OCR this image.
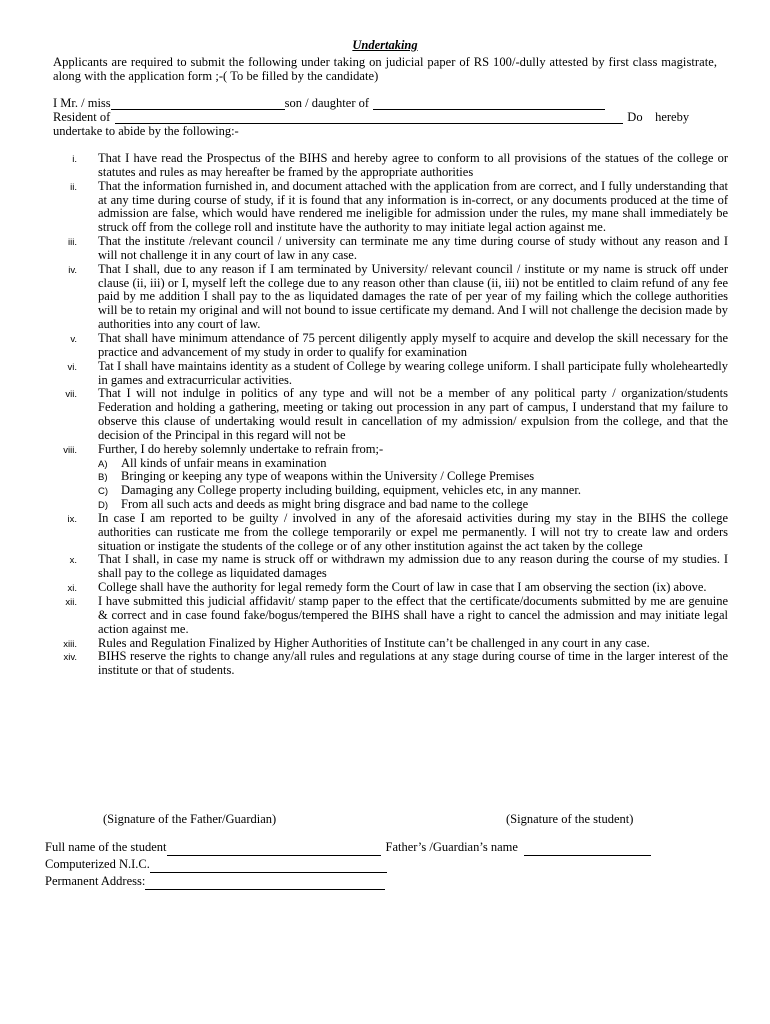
Undertaking
Applicants are required to submit the following under taking on judicial paper of RS 100/-dully attested by first class magistrate, along with the application form ;-( To be filled by the candidate)
I Mr. / miss	son / daughter of
Resident of	Do    hereby
undertake to abide by the following:-
i. That I have read the Prospectus of the BIHS and hereby agree to conform to all provisions of the statues of the college or statutes and rules as may hereafter be framed by the appropriate authorities
ii. That the information furnished in, and document attached with the application from are correct, and I fully understanding that at any time during course of study, if it is found that any information is in-correct, or any documents produced at the time of admission are false, which would have rendered me ineligible for admission under the rules, my mane shall immediately be struck off from the college roll and institute have the authority to may initiate legal action against me.
iii. That the institute /relevant council / university can terminate me any time during course of study without any reason and I will not challenge it in any court of law in any case.
iv. That I shall, due to any reason if I am terminated by University/ relevant council / institute or my name is struck off under clause (ii, iii) or I, myself left the college due to any reason other than clause (ii, iii) not be entitled to claim refund of any fee paid by me addition I shall pay to the as liquidated damages the rate of per year of my failing which the college authorities will be to retain my original and will not bound to issue certificate my demand. And I will not challenge the decision made by authorities into any court of law.
v. That shall have minimum attendance of 75 percent diligently apply myself to acquire and develop the skill necessary for the practice and advancement of my study in order to qualify for examination
vi. Tat I shall have maintains identity as a student of College by wearing college uniform. I shall participate fully wholeheartedly in games and extracurricular activities.
vii. That I will not indulge in politics of any type and will not be a member of any political party / organization/students Federation and holding a gathering, meeting or taking out procession in any part of campus, I understand that my failure to observe this clause of undertaking would result in cancellation of my admission/ expulsion from the college, and that the decision of the Principal in this regard will not be
viii. Further, I do hereby solemnly undertake to refrain from;-
A) All kinds of unfair means in examination
B) Bringing or keeping any type of weapons within the University / College Premises
C) Damaging any College property including building, equipment, vehicles etc, in any manner.
D) From all such acts and deeds as might bring disgrace and bad name to the college
ix. In case I am reported to be guilty / involved in any of the aforesaid activities during my stay in the BIHS the college authorities can rusticate me from the college temporarily or expel me permanently. I will not try to create law and orders situation or instigate the students of the college or of any other institution against the act taken by the college
x. That I shall, in case my name is struck off or withdrawn my admission due to any reason during the course of my studies. I shall pay to the college as liquidated damages
xi. College shall have the authority for legal remedy form the Court of law in case that I am observing the section (ix) above.
xii. I have submitted this judicial affidavit/ stamp paper to the effect that the certificate/documents submitted by me are genuine & correct and in case found fake/bogus/tempered the BIHS shall have a right to cancel the admission and may initiate legal action against me.
xiii. Rules and Regulation Finalized by Higher Authorities of Institute can’t be challenged in any court in any case.
xiv. BIHS reserve the rights to change any/all rules and regulations at any stage during course of time in the larger interest of the institute or that of students.
(Signature of the Father/Guardian)	(Signature of the student)
Full name of the student	Father’s /Guardian’s name
Computerized N.I.C.
Permanent Address:
